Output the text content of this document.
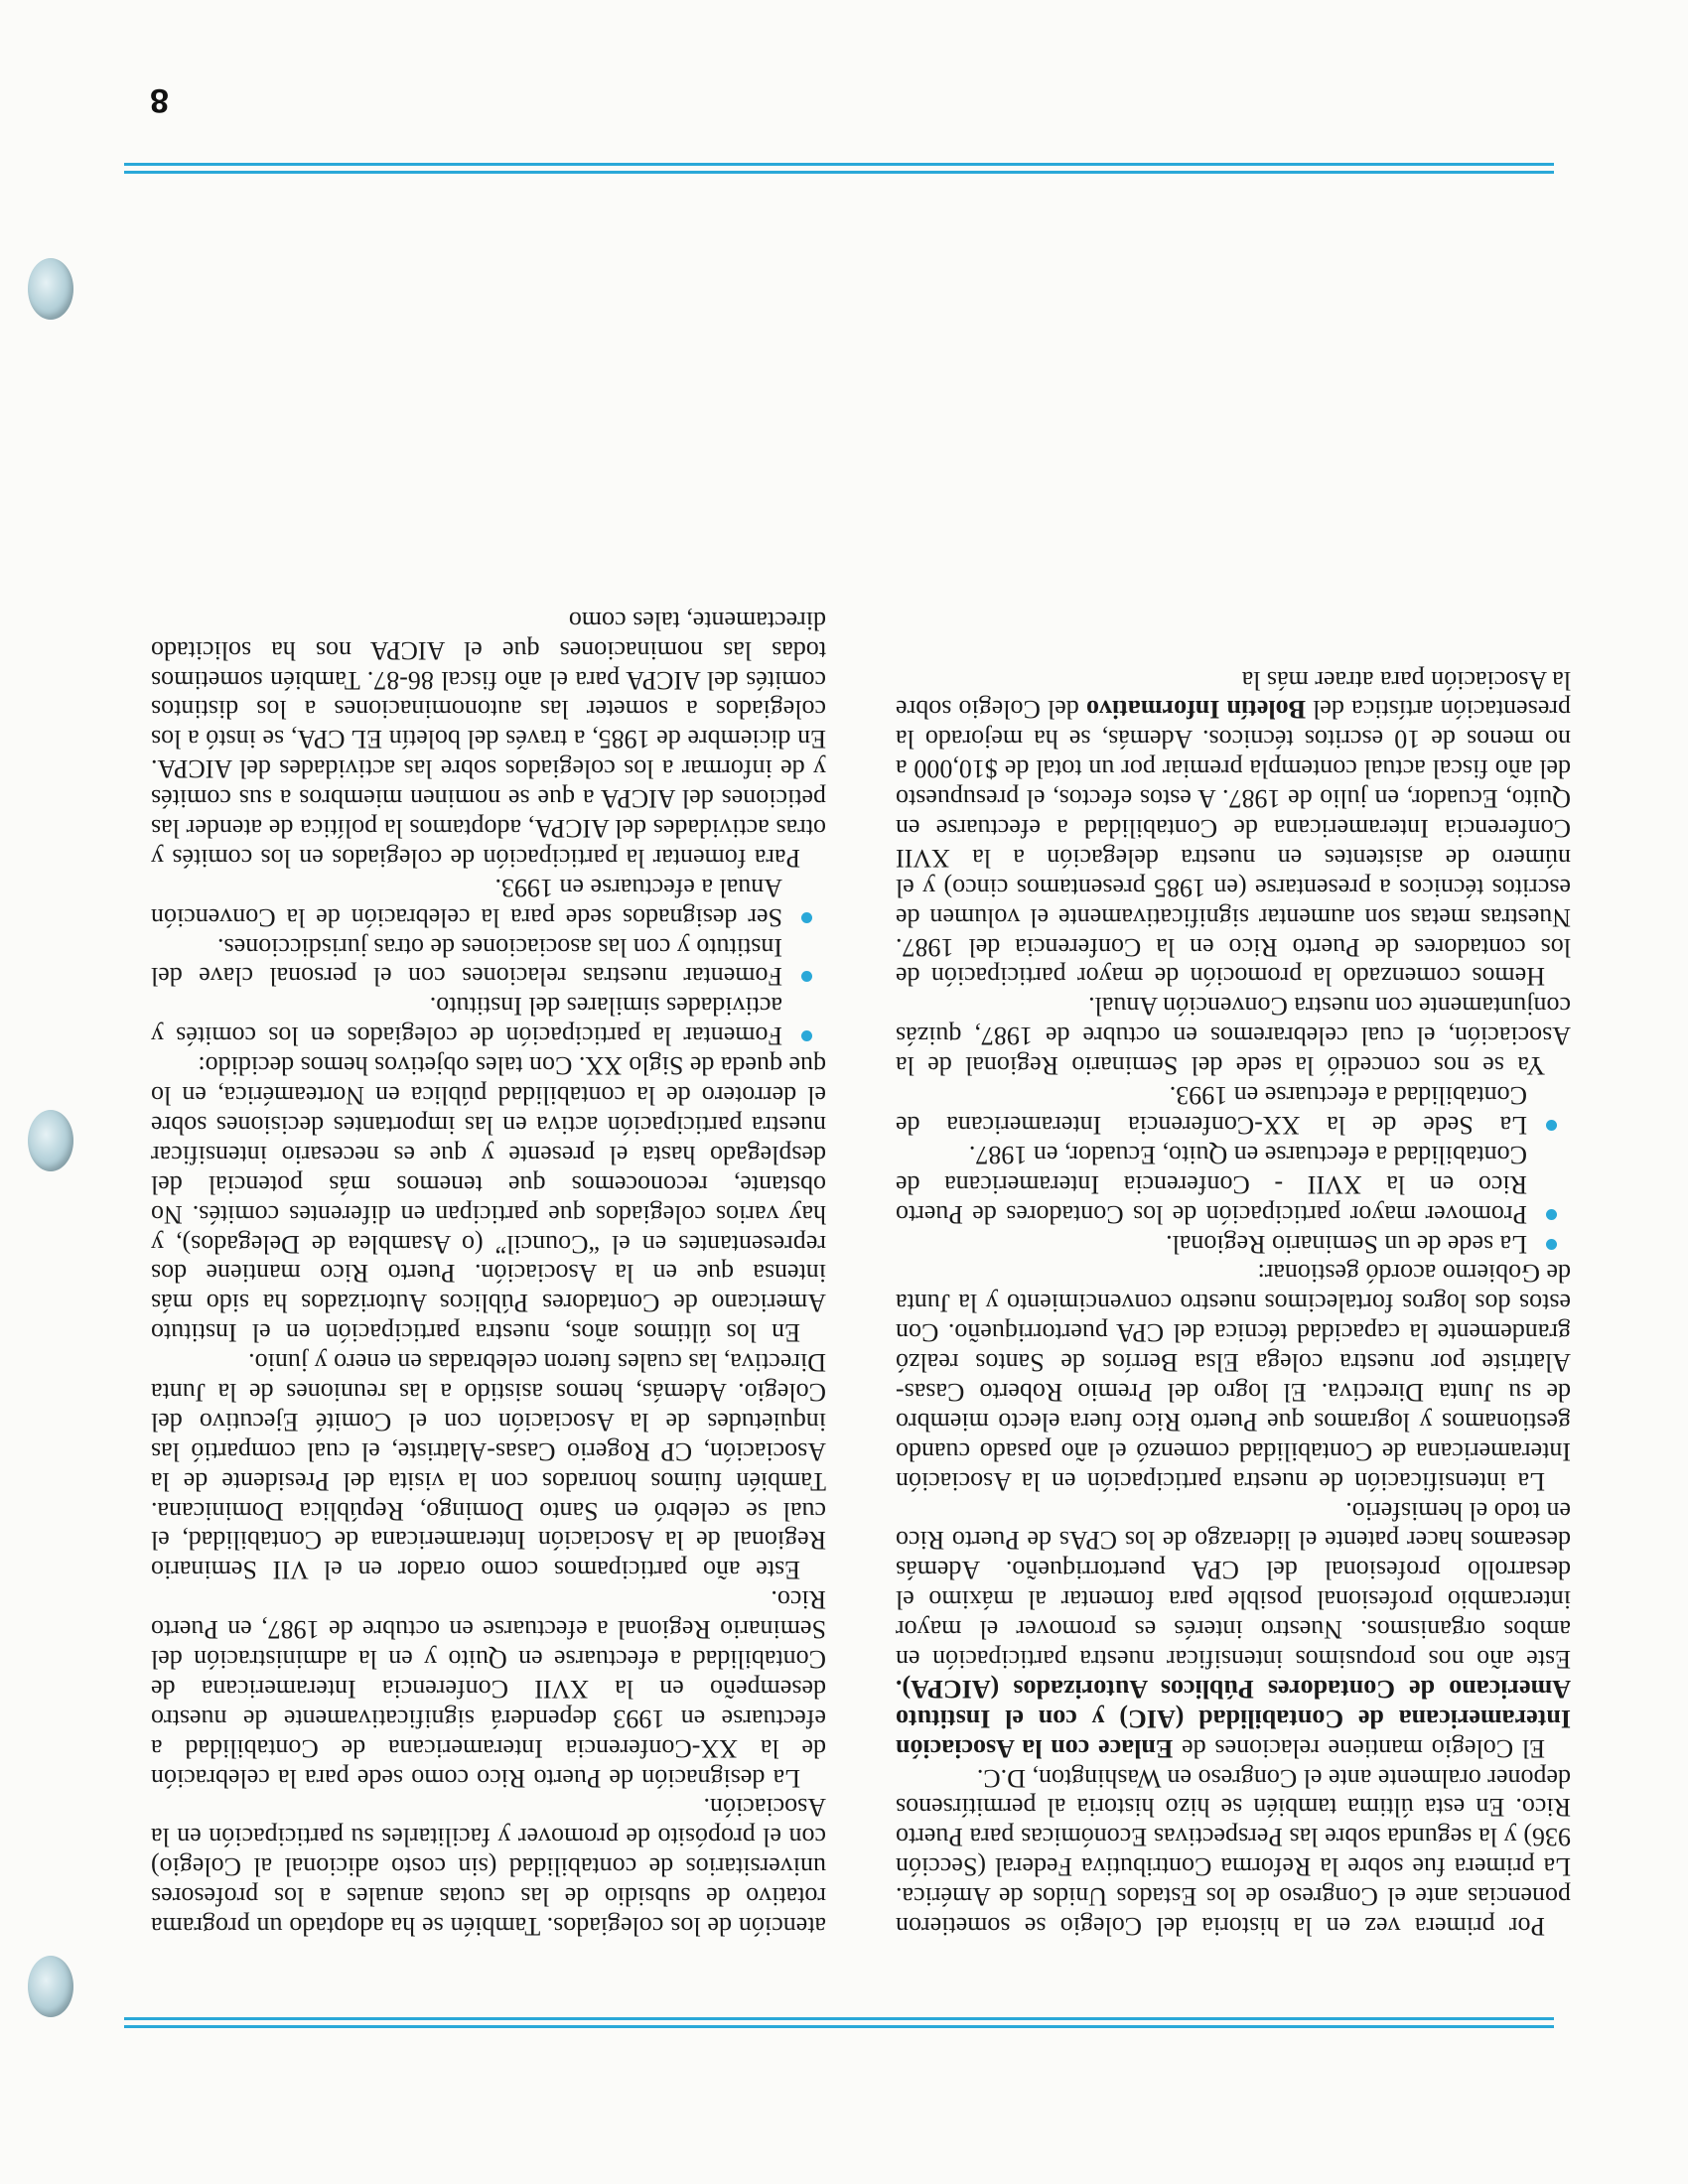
Por primera vez en la historia del Colegio se sometieron ponencias ante el Congreso de los Estados Unidos de América. La primera fue sobre la Reforma Contributiva Federal (Sección 936) y la segunda sobre las Perspectivas Económicas para Puerto Rico. En esta última también se hizo historia al permitírsenos deponer oralmente ante el Congreso en Washington, D.C.

El Colegio mantiene relaciones de Enlace con la Asociación Interamericana de Contabilidad (AIC) y con el Instituto Americano de Contadores Públicos Autorizados (AICPA). Este año nos propusimos intensificar nuestra participación en ambos organismos. Nuestro interés es promover el mayor intercambio profesional posible para fomentar al máximo el desarrollo profesional del CPA puertorriqueño. Además deseamos hacer patente el liderazgo de los CPAs de Puerto Rico en todo el hemisferio.

La intensificación de nuestra participación en la Asociación Interamericana de Contabilidad comenzó el año pasado cuando gestionamos y logramos que Puerto Rico fuera electo miembro de su Junta Directiva. El logro del Premio Roberto Casas-Alatriste por nuestra colega Elsa Berríos de Santos realzó grandemente la capacidad técnica del CPA puertorriqueño. Con estos dos logros fortalecimos nuestro convencimiento y la Junta de Gobierno acordó gestionar:

La sede de un Seminario Regional.
Promover mayor participación de los Contadores de Puerto Rico en la XVII - Conferencia Interamericana de Contabilidad a efectuarse en Quito, Ecuador, en 1987.
La Sede de la XX-Conferencia Interamericana de Contabilidad a efectuarse en 1993.

Ya se nos concedió la sede del Seminario Regional de la Asociación, el cual celebraremos en octubre de 1987, quizás conjuntamente con nuestra Convención Anual.

Hemos comenzado la promoción de mayor participación de los contadores de Puerto Rico en la Conferencia del 1987. Nuestras metas son aumentar significativamente el volumen de escritos técnicos a presentarse (en 1985 presentamos cinco) y el número de asistentes en nuestra delegación a la XVII Conferencia Interamericana de Contabilidad a efectuarse en Quito, Ecuador, en julio de 1987. A estos efectos, el presupuesto del año fiscal actual contempla premiar por un total de $10,000 a no menos de 10 escritos técnicos. Además, se ha mejorado la presentación artística del Boletín Informativo del Colegio sobre la Asociación para atraer más la

atención de los colegiados. También se ha adoptado un programa rotativo de subsidio de las cuotas anuales a los profesores universitarios de contabilidad (sin costo adicional al Colegio) con el propósito de promover y facilitarles su participación en la Asociación.

La designación de Puerto Rico como sede para la celebración de la XX-Conferencia Interamericana de Contabilidad a efectuarse en 1993 dependerá significativamente de nuestro desempeño en la XVII Conferencia Interamericana de Contabilidad a efectuarse en Quito y en la administración del Seminario Regional a efectuarse en octubre de 1987, en Puerto Rico.

Este año participamos como orador en el VII Seminario Regional de la Asociación Interamericana de Contabilidad, el cual se celebró en Santo Domingo, República Dominicana. También fuimos honrados con la visita del Presidente de la Asociación, CP Rogerio Casas-Alatriste, el cual compartió las inquietudes de la Asociación con el Comité Ejecutivo del Colegio. Además, hemos asistido a las reuniones de la Junta Directiva, las cuales fueron celebradas en enero y junio.

En los últimos años, nuestra participación en el Instituto Americano de Contadores Públicos Autorizados ha sido más intensa que en la Asociación. Puerto Rico mantiene dos representantes en el “Council” (o Asamblea de Delegados), y hay varios colegiados que participan en diferentes comités. No obstante, reconocemos que tenemos más potencial del desplegado hasta el presente y que es necesario intensificar nuestra participación activa en las importantes decisiones sobre el derrotero de la contabilidad pública en Norteamérica, en lo que queda de Siglo XX. Con tales objetivos hemos decidido:

Fomentar la participación de colegiados en los comités y actividades similares del Instituto.
Fomentar nuestras relaciones con el personal clave del Instituto y con las asociaciones de otras jurisdicciones.
Ser designados sede para la celebración de la Convención Anual a efectuarse en 1993.

Para fomentar la participación de colegiados en los comités y otras actividades del AICPA, adoptamos la política de atender las peticiones del AICPA a que se nominen miembros a sus comités y de informar a los colegiados sobre las actividades del AICPA. En diciembre de 1985, a través del boletín EL CPA, se instó a los colegiados a someter las autonominaciones a los distintos comités del AICPA para el año fiscal 86-87. También sometimos todas las nominaciones que el AICPA nos ha solicitado directamente, tales como

8
